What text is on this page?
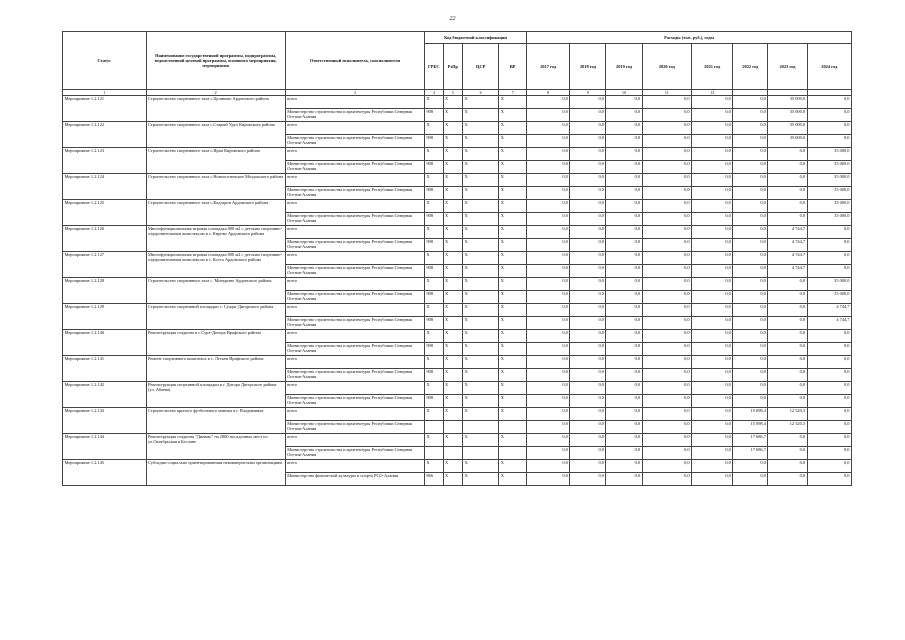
22
Статус	Наименование государственной программы, подпрограммы, ведомственной целевой программы, основного мероприятия, мероприятия	Ответственный исполнитель, соисполнители	Код бюджетной классификации				Расходы (тыс. руб.), годы							
			ГРБС	РзПр	ЦСР	ВР	2017 год	2018 год	2019 год	2020 год	2021 год	2022 год	2023 год	2024 год
1	2	3	4	5	6	7	8	9	10	11	12			
Мероприятие 1.2.121	Строительство спортивного зала с.Цаликово Ардонского района	всего	Х	Х	Х	Х	0,0	0,0	0,0	0,0	0,0	0,0	35 000,0	0,0
		Министерство строительства и архитектуры Республики Северная Осетия-Алания	908	Х	Х	Х	0,0	0,0	0,0	0,0	0,0	0,0	35 000,0	0,0
Мероприятие 1.2.122	Строительство спортивного зала с.Старый Урух Кировского района	всего	Х	Х	Х	Х	0,0	0,0	0,0	0,0	0,0	0,0	35 000,0	0,0
		Министерство строительства и архитектуры Республики Северная Осетия-Алания	908	Х	Х	Х	0,0	0,0	0,0	0,0	0,0	0,0	35 000,0	0,0
Мероприятие 1.2.123	Строительство спортивного зала с.Ирап Кировского района	всего	Х	Х	Х	Х	0,0	0,0	0,0	0,0	0,0	0,0	0,0	35 000,0
		Министерство строительства и архитектуры Республики Северная Осетия-Алания	908	Х	Х	Х	0,0	0,0	0,0	0,0	0,0	0,0	0,0	35 000,0
Мероприятие 1.2.124	Строительство спортивного зала с.Новоосетинское Моздокского района	всего	Х	Х	Х	Х	0,0	0,0	0,0	0,0	0,0	0,0	0,0	35 000,0
		Министерство строительства и архитектуры Республики Северная Осетия-Алания	908	Х	Х	Х	0,0	0,0	0,0	0,0	0,0	0,0	0,0	35 000,0
Мероприятие 1.2.125	Строительство спортивного зала с.Кадгарон Ардонского района	всего	Х	Х	Х	Х	0,0	0,0	0,0	0,0	0,0	0,0	0,0	35 000,0
		Министерство строительства и архитектуры Республики Северная Осетия-Алания	908	Х	Х	Х	0,0	0,0	0,0	0,0	0,0	0,0	0,0	35 000,0
Мероприятие 1.2.126	Многофункциональная игровая площадка 800 м2 с детским спортивно-оздоровительным комплексом в с. Кирово Ардонского района	всего	Х	Х	Х	Х	0,0	0,0	0,0	0,0	0,0	0,0	4 744,7	0,0
		Министерство строительства и архитектуры Республики Северная Осетия-Алания	908	Х	Х	Х	0,0	0,0	0,0	0,0	0,0	0,0	4 744,7	0,0
Мероприятие 1.2.127	Многофункциональная игровая площадка 800 м2 с детским спортивно-оздоровительным комплексом в с. Коста Ардонского района	всего	Х	Х	Х	Х	0,0	0,0	0,0	0,0	0,0	0,0	4 744,7	0,0
		Министерство строительства и архитектуры Республики Северная Осетия-Алания	908	Х	Х	Х	0,0	0,0	0,0	0,0	0,0	0,0	4 744,7	0,0
Мероприятие 1.2.128	Строительство спортивного зала с. Мичурино Ардонского района	всего	Х	Х	Х	Х	0,0	0,0	0,0	0,0	0,0	0,0	0,0	35 000,0
		Министерство строительства и архитектуры Республики Северная Осетия-Алания	908	Х	Х	Х	0,0	0,0	0,0	0,0	0,0	0,0	0,0	35 000,0
Мероприятие 1.2.129	Строительство спортивной площадки с. Суадаг Дигорского района	всего	Х	Х	Х	Х	0,0	0,0	0,0	0,0	0,0	0,0	0,0	4 744,7
		Министерство строительства и архитектуры Республики Северная Осетия-Алания	908	Х	Х	Х	0,0	0,0	0,0	0,0	0,0	0,0	0,0	4 744,7
Мероприятие 1.2.140	Реконструкция стадиона в с.Сурх-Дигора Ирафского района	всего	Х	Х	Х	Х	0,0	0,0	0,0	0,0	0,0	0,0	0,0	0,0
		Министерство строительства и архитектуры Республики Северная Осетия-Алания	908	Х	Х	Х	0,0	0,0	0,0	0,0	0,0	0,0	0,0	0,0
Мероприятие 1.2.141	Ремонт спортивного комплекса в с. Лескен Ирафского района	всего	Х	Х	Х	Х	0,0	0,0	0,0	0,0	0,0	0,0	0,0	0,0
		Министерство строительства и архитектуры Республики Северная Осетия-Алания	908	Х	Х	Х	0,0	0,0	0,0	0,0	0,0	0,0	0,0	0,0
Мероприятие 1.2.142	Реконструкция спортивной площадки в г. Дигора Дигорского района (ул. Абаева)	всего	Х	Х	Х	Х	0,0	0,0	0,0	0,0	0,0	0,0	0,0	0,0
		Министерство строительства и архитектуры Республики Северная Осетия-Алания	908	Х	Х	Х	0,0	0,0	0,0	0,0	0,0	0,0	0,0	0,0
Мероприятие 1.2.143	Строительство крытого футбольного манежа в г. Владикавказ	всего	Х	Х	Х	Х	0,0	0,0	0,0	0,0	0,0	15 098,4	12 520,3	0,0
		Министерство строительства и архитектуры Республики Северная Осетия-Алания					0,0	0,0	0,0	0,0	0,0	15 098,4	12 520,3	0,0
Мероприятие 1.2.144	Реконструкция стадиона "Динамо" на 2000 посадочных мест по ул.Октябрьская в Беслане	всего	Х	Х	Х	Х	0,0	0,0	0,0	0,0	0,0	17 686,7	0,0	0,0
		Министерство строительства и архитектуры Республики Северная Осетия-Алания					0,0	0,0	0,0	0,0	0,0	17 686,7	0,0	0,0
Мероприятие 1.2.145	Субсидии социально ориентированным некоммерческим организациям	всего	Х	Х	Х	Х	0,0	0,0	0,0	0,0	0,0	0,0	0,0	0,0
		Министерство физической культуры и спорта РСО-Алания	866	Х	Х	Х	0,0	0,0	0,0	0,0	0,0	0,0	0,0	0,0
